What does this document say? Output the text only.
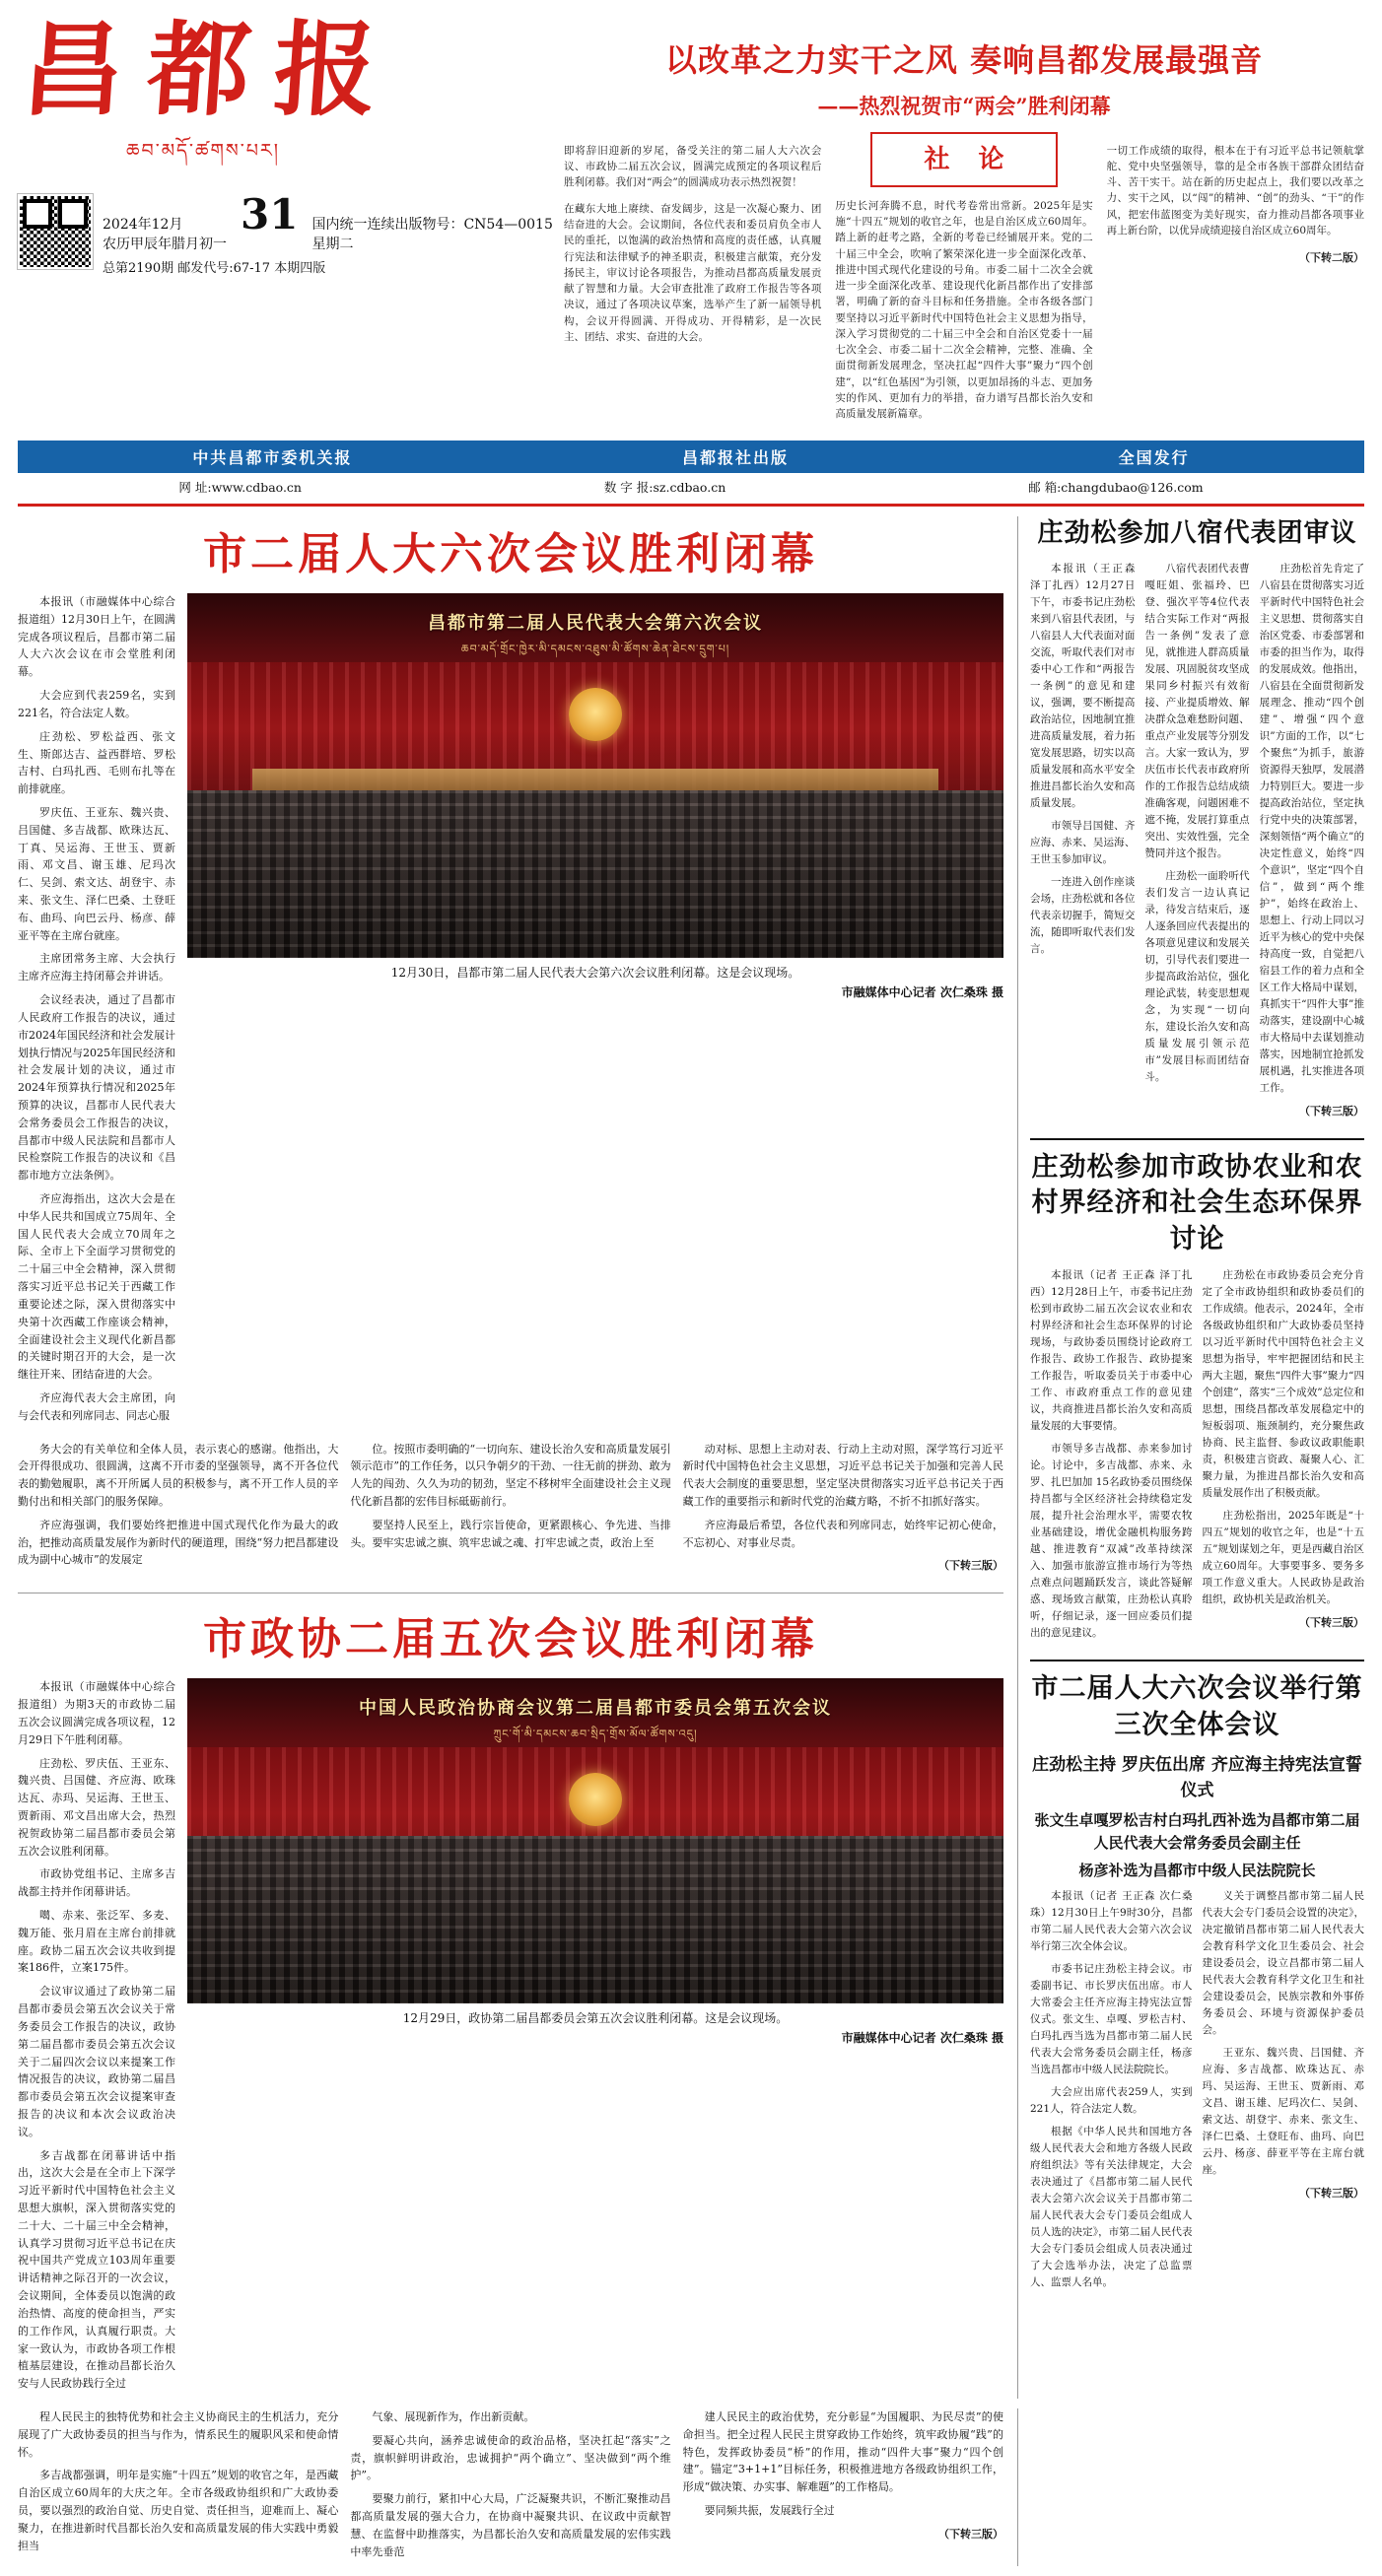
昌都报
ཆབ་མདོ་ཚགས་པར།
2024年12月
农历甲辰年腊月初一
31	国内统一连续出版物号：CN54—0015
星期二
总第2190期 邮发代号:67-17 本期四版
以改革之力实干之风 奏响昌都发展最强音
——热烈祝贺市“两会”胜利闭幕

即将辞旧迎新的岁尾，备受关注的第二届人大六次会议、市政协二届五次会议，圆满完成预定的各项议程后胜利闭幕。我们对“两会”的圆满成功表示热烈祝贺！

在藏东大地上赓续、奋发阔步，这是一次凝心聚力、团结奋进的大会。会议期间，各位代表和委员肩负全市人民的重托，以饱满的政治热情和高度的责任感，认真履行宪法和法律赋予的神圣职责，积极建言献策，充分发扬民主，审议讨论各项报告，为推动昌都高质量发展贡献了智慧和力量。大会审查批准了政府工作报告等各项决议，通过了各项决议草案，选举产生了新一届领导机构，会议开得圆满、开得成功、开得精彩，是一次民主、团结、求实、奋进的大会。

社 论

历史长河奔腾不息，时代考卷常出常新。2025年是实施“十四五”规划的收官之年，也是自治区成立60周年。踏上新的赶考之路，全新的考卷已经铺展开来。党的二十届三中全会，吹响了繁荣深化进一步全面深化改革、推进中国式现代化建设的号角。市委二届十二次全会就进一步全面深化改革、建设现代化新昌都作出了安排部署，明确了新的奋斗目标和任务措施。全市各级各部门要坚持以习近平新时代中国特色社会主义思想为指导，深入学习贯彻党的二十届三中全会和自治区党委十一届七次全会、市委二届十二次全会精神，完整、准确、全面贯彻新发展理念，坚决扛起“四件大事”聚力“四个创建”，以“红色基因”为引领，以更加昂扬的斗志、更加务实的作风、更加有力的举措，奋力谱写昌都长治久安和高质量发展新篇章。

一切工作成绩的取得，根本在于有习近平总书记领航掌舵、党中央坚强领导，靠的是全市各族干部群众团结奋斗、苦干实干。站在新的历史起点上，我们要以改革之力、实干之风，以“闯”的精神、“创”的劲头、“干”的作风，把宏伟蓝图变为美好现实，奋力推动昌都各项事业再上新台阶，以优异成绩迎接自治区成立60周年。

（下转二版）

中共昌都市委机关报	昌都报社出版	全国发行
网 址:www.cdbao.cn	数 字 报:sz.cdbao.cn	邮 箱:changdubao@126.com
市二届人大六次会议胜利闭幕

本报讯（市融媒体中心综合报道组）12月30日上午，在圆满完成各项议程后，昌都市第二届人大六次会议在市会堂胜利闭幕。

大会应到代表259名，实到221名，符合法定人数。

庄劲松、罗松益西、张文生、斯郎达吉、益西群培、罗松吉村、白玛扎西、毛则布扎等在前排就座。

罗庆伍、王亚东、魏兴贵、吕国健、多吉战都、欧珠达瓦、丁真、吴运海、王世玉、贾新雨、邓文昌、谢玉雄、尼玛次仁、吴剑、索文达、胡登宇、赤来、张文生、泽仁巴桑、土登旺布、曲玛、向巴云丹、杨彦、薛亚平等在主席台就座。

主席团常务主席、大会执行主席齐应海主持闭幕会并讲话。

会议经表决，通过了昌都市人民政府工作报告的决议，通过市2024年国民经济和社会发展计划执行情况与2025年国民经济和社会发展计划的决议，通过市2024年预算执行情况和2025年预算的决议，昌都市人民代表大会常务委员会工作报告的决议，昌都市中级人民法院和昌都市人民检察院工作报告的决议和《昌都市地方立法条例》。

齐应海指出，这次大会是在中华人民共和国成立75周年、全国人民代表大会成立70周年之际、全市上下全面学习贯彻党的二十届三中全会精神，深入贯彻落实习近平总书记关于西藏工作重要论述之际，深入贯彻落实中央第十次西藏工作座谈会精神，全面建设社会主义现代化新昌都的关键时期召开的大会，是一次继往开来、团结奋进的大会。

齐应海代表大会主席团，向与会代表和列席同志、同志心服

昌都市第二届人民代表大会第六次会议
ཆབ་མདོ་གྲོང་ཁྱེར་མི་དམངས་འཐུས་མི་ཚོགས་ཆེན་ཐེངས་དྲུག་པ།
12月30日，昌都市第二届人民代表大会第六次会议胜利闭幕。这是会议现场。
市融媒体中心记者 次仁桑珠 摄

务大会的有关单位和全体人员，表示衷心的感谢。他指出，大会开得很成功、很圆满，这离不开市委的坚强领导，离不开各位代表的勤勉履职，离不开所属人员的积极参与，离不开工作人员的辛勤付出和相关部门的服务保障。

齐应海强调，我们要始终把推进中国式现代化作为最大的政治，把推动高质量发展作为新时代的硬道理，围绕“努力把昌都建设成为副中心城市”的发展定

位。按照市委明确的“一切向东、建设长治久安和高质量发展引领示范市”的工作任务，以只争朝夕的干劲、一往无前的拼劲、敢为人先的闯劲、久久为功的韧劲，坚定不移树牢全面建设社会主义现代化新昌都的宏伟目标砥砺前行。

要坚持人民至上，践行宗旨使命，更紧跟核心、争先进、当排头。要牢实忠诚之旗、筑牢忠诚之魂、打牢忠诚之责，政治上至

动对标、思想上主动对表、行动上主动对照，深学笃行习近平新时代中国特色社会主义思想，习近平总书记关于加强和完善人民代表大会制度的重要思想，坚定坚决贯彻落实习近平总书记关于西藏工作的重要指示和新时代党的治藏方略，不折不扣抓好落实。

齐应海最后希望，各位代表和列席同志，始终牢记初心使命，不忘初心、对事业尽责。

（下转三版）

市政协二届五次会议胜利闭幕

本报讯（市融媒体中心综合报道组）为期3天的市政协二届五次会议圆满完成各项议程，12月29日下午胜利闭幕。

庄劲松、罗庆伍、王亚东、魏兴贵、吕国健、齐应海、欧珠达瓦、赤玛、吴运海、王世玉、贾新雨、邓文昌出席大会，热烈祝贺政协第二届昌都市委员会第五次会议胜利闭幕。

市政协党组书记、主席多吉战都主持并作闭幕讲话。

噶、赤来、张泛军、多麦、魏万能、张月眉在主席台前排就座。政协二届五次会议共收到提案186件，立案175件。

会议审议通过了政协第二届昌都市委员会第五次会议关于常务委员会工作报告的决议，政协第二届昌都市委员会第五次会议关于二届四次会议以来提案工作情况报告的决议，政协第二届昌都市委员会第五次会议提案审查报告的决议和本次会议政治决议。

多吉战都在闭幕讲话中指出，这次大会是在全市上下深学习近平新时代中国特色社会主义思想大旗帜，深入贯彻落实党的二十大、二十届三中全会精神，认真学习贯彻习近平总书记在庆祝中国共产党成立103周年重要讲话精神之际召开的一次会议，会议期间，全体委员以饱满的政治热情、高度的使命担当，严实的工作作风，认真履行职责。大家一致认为，市政协各项工作根植基层建设，在推动昌都长治久安与人民政协践行全过

中国人民政治协商会议第二届昌都市委员会第五次会议
ཀྲུང་གོ་མི་དམངས་ཆབ་སྲིད་གྲོས་མོལ་ཚོགས་འདུ།
12月29日，政协第二届昌都委员会第五次会议胜利闭幕。这是会议现场。
市融媒体中心记者 次仁桑珠 摄
庄劲松参加八宿代表团审议

本报讯（王正森 泽丁扎西）12月27日下午，市委书记庄劲松来到八宿县代表团，与八宿县人大代表面对面交流，听取代表们对市委中心工作和“两报告一条例”的意见和建议，强调，要不断提高政治站位，因地制宜推进高质量发展，着力拓宽发展思路，切实以高质量发展和高水平安全推进昌都长治久安和高质量发展。

市领导吕国健、齐应海、赤来、吴运海、王世玉参加审议。

一连进入创作座谈会场，庄劲松就和各位代表亲切握手，简短交流，随即听取代表们发言。

八宿代表团代表曹嘎旺姐、张福玲、巴登、强次平等4位代表结合实际工作对“两报告一条例”发表了意见，就推进人群高质量发展、巩固脱贫攻坚成果同乡村振兴有效衔接、产业提质增效、解决群众急难愁盼问题、重点产业发展等分别发言。大家一致认为，罗庆伍市长代表市政府所作的工作报告总结成绩准确客观，问题困难不遮不掩，发展打算重点突出、实效性强，完全赞同并这个报告。

庄劲松一面聆听代表们发言一边认真记录，待发言结束后，逐人逐条回应代表提出的各项意见建议和发展关切，引导代表们要进一步提高政治站位，强化理论武装，转变思想观念，为实现“一切向东，建设长治久安和高质量发展引领示范市”发展目标而团结奋斗。

庄劲松首先肯定了八宿县在贯彻落实习近平新时代中国特色社会主义思想、贯彻落实自治区党委、市委部署和市委的担当作为，取得的发展成效。他指出，八宿县在全面贯彻新发展理念、推动“四个创建”、增强“四个意识”方面的工作，以“七个聚焦”为抓手，旅游资源得天独厚，发展潜力特别巨大。要进一步提高政治站位，坚定执行党中央的决策部署，深刻领悟“两个确立”的决定性意义，始终“四个意识”，坚定“四个自信”，做到“两个维护”，始终在政治上、思想上、行动上同以习近平为核心的党中央保持高度一致，自觉把八宿县工作的着力点和全区工作大格局中谋划，真抓实干“四件大事”推动落实，建设副中心城市大格局中去谋划推动落实，因地制宜抢抓发展机遇，扎实推进各项工作。

（下转三版）

庄劲松参加市政协农业和农村界经济和社会生态环保界讨论

本报讯（记者 王正森 泽丁扎西）12月28日上午，市委书记庄劲松到市政协二届五次会议农业和农村界经济和社会生态环保界的讨论现场，与政协委员围绕讨论政府工作报告、政协工作报告、政协提案工作报告，听取委员关于市委中心工作、市政府重点工作的意见建议，共商推进昌都长治久安和高质量发展的大事要情。

市领导多吉战都、赤来参加讨论。讨论中，多吉战都、赤来、永罗、扎巴加加 15名政协委员围绕保持昌都与全区经济社会持续稳定发展，提升社会治理水平，需要农牧业基础建设，增优金融机构服务跨越、推进教育“双减”改革持续深入、加强市旅游宣推市场行为等热点难点问题踊跃发言，谈此答疑解惑、现场致言献策，庄劲松认真聆听，仔细记录，逐一回应委员们提出的意见建议。

庄劲松在市政协委员会充分肯定了全市政协组织和政协委员们的工作成绩。他表示，2024年，全市各级政协组织和广大政协委员坚持以习近平新时代中国特色社会主义思想为指导，牢牢把握团结和民主两大主题，聚焦“四件大事”聚力“四个创建”，落实“三个成效”总定位和思想，围绕昌都改革发展稳定中的短板弱项、瓶颈制约，充分聚焦政协商、民主监督、参政议政职能职责，积极建言资政、凝聚人心、汇聚力量，为推进昌都长治久安和高质量发展作出了积极贡献。

庄劲松指出，2025年既是“十四五”规划的收官之年，也是“十五五”规划谋划之年，更是西藏自治区成立60周年。大事要事多、要务多项工作意义重大。人民政协是政治组织，政协机关是政治机关。

（下转三版）

市二届人大六次会议举行第三次全体会议
庄劲松主持 罗庆伍出席 齐应海主持宪法宣誓仪式
张文生卓嘎罗松吉村白玛扎西补选为昌都市第二届人民代表大会常务委员会副主任
杨彦补选为昌都市中级人民法院院长

本报讯（记者 王正森 次仁桑珠）12月30日上午9时30分，昌都市第二届人民代表大会第六次会议举行第三次全体会议。

市委书记庄劲松主持会议。市委副书记、市长罗庆伍出席。市人大常委会主任齐应海主持宪法宣誓仪式。张文生、卓嘎、罗松吉村、白玛扎西当选为昌都市第二届人民代表大会常务委员会副主任，杨彦当选昌都市中级人民法院院长。

大会应出席代表259人，实到221人，符合法定人数。

根据《中华人民共和国地方各级人民代表大会和地方各级人民政府组织法》等有关法律规定，大会表决通过了《昌都市第二届人民代表大会第六次会议关于昌都市第二届人民代表大会专门委员会组成人员人选的决定》，市第二届人民代表大会专门委员会组成人员表决通过了大会选举办法，决定了总监票人、监票人名单。

义关于调整昌都市第二届人民代表大会专门委员会设置的决定》，决定撤销昌都市第二届人民代表大会教育科学文化卫生委员会、社会建设委员会，设立昌都市第二届人民代表大会教育科学文化卫生和社会建设委员会，民族宗教和外事侨务委员会、环境与资源保护委员会。

王亚东、魏兴贵、吕国健、齐应海、多吉战都、欧珠达瓦、赤玛、吴运海、王世玉、贾新雨、邓文昌、谢玉雄、尼玛次仁、吴剑、索文达、胡登宇、赤来、张文生、泽仁巴桑、土登旺布、曲玛、向巴云丹、杨彦、薛亚平等在主席台就座。

（下转三版）

程人民民主的独特优势和社会主义协商民主的生机活力，充分展现了广大政协委员的担当与作为，情系民生的履职风采和使命情怀。

多吉战都强调，明年是实施“十四五”规划的收官之年，是西藏自治区成立60周年的大庆之年。全市各级政协组织和广大政协委员，要以强烈的政治自觉、历史自觉、责任担当，迎难而上、凝心聚力，在推进新时代昌都长治久安和高质量发展的伟大实践中勇毅担当

气象、展现新作为，作出新贡献。

要凝心共向，涵养忠诚使命的政治品格，坚决扛起“落实”之责，旗帜鲜明讲政治，忠诚拥护“两个确立”、坚决做到“两个维护”。

要聚力前行，紧扣中心大局，广泛凝聚共识，不断汇聚推动昌都高质量发展的强大合力，在协商中凝聚共识、在议政中贡献智慧、在监督中助推落实，为昌都长治久安和高质量发展的宏伟实践中率先垂范

建人民民主的政治优势，充分彰显“为国履职、为民尽责”的使命担当。把全过程人民民主贯穿政协工作始终，筑牢政协履“践”的特色，发挥政协委员“桥”的作用，推动“四件大事”聚力“四个创建”。锚定“3+1+1”目标任务，积极推进地方各级政协组织工作，形成“做决策、办实事、解难题”的工作格局。

要同频共振，发展践行全过

（下转三版）
